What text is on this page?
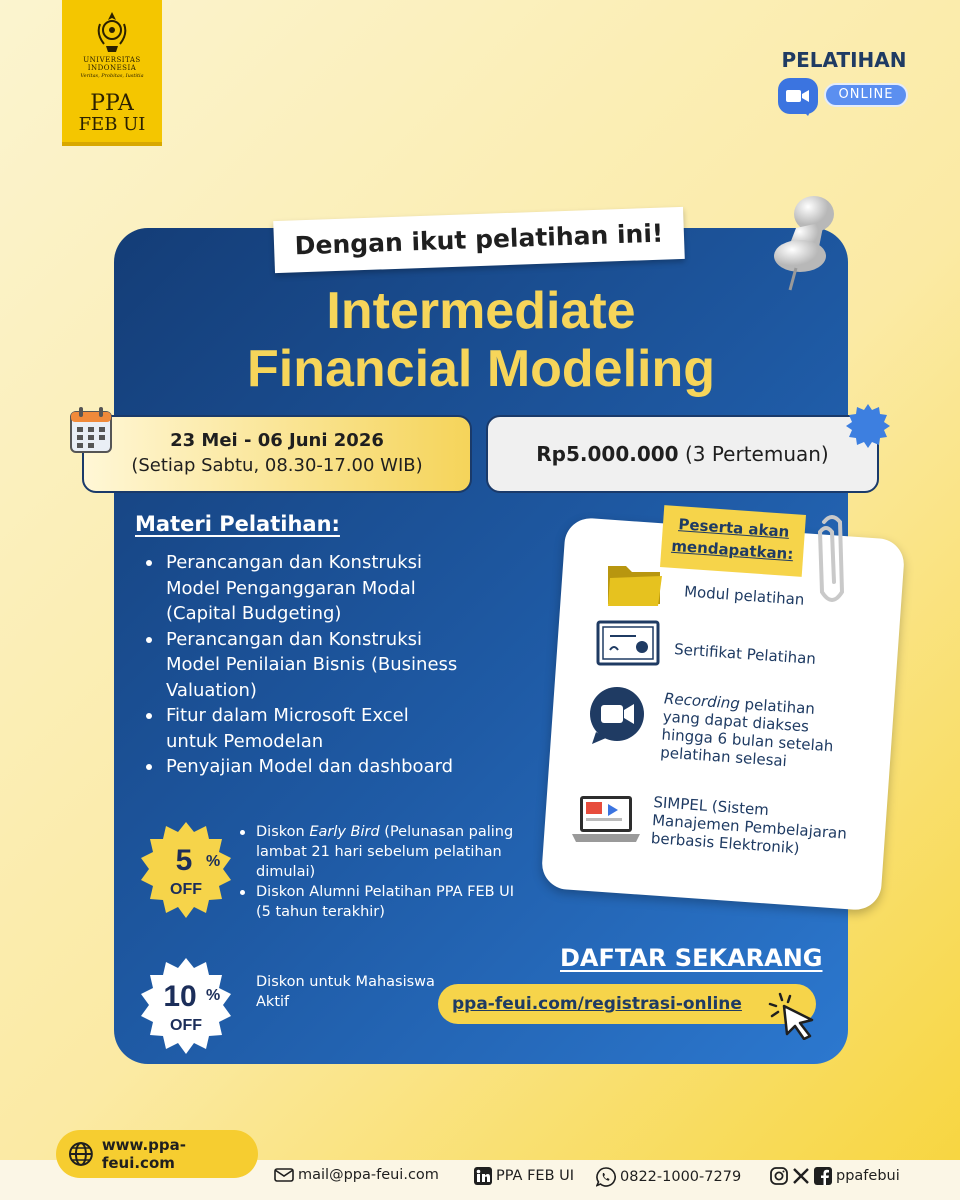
UNIVERSITAS INDONESIA
Veritas, Probitas, Iustitia
PPA
FEB UI
PELATIHAN
ONLINE
Dengan ikut pelatihan ini!
Intermediate
Financial Modeling
23 Mei - 06 Juni 2026
(Setiap Sabtu, 08.30-17.00 WIB)	Rp5.000.000 (3 Pertemuan)
Materi Pelatihan:
Perancangan dan Konstruksi Model Penganggaran Modal (Capital Budgeting)
Perancangan dan Konstruksi Model Penilaian Bisnis (Business Valuation)
Fitur dalam Microsoft Excel untuk Pemodelan
Penyajian Model dan dashboard
5 %
OFF
Diskon Early Bird (Pelunasan paling lambat 21 hari sebelum pelatihan dimulai)
Diskon Alumni Pelatihan PPA FEB UI (5 tahun terakhir)
10 %
OFF
Diskon untuk Mahasiswa Aktif
Peserta akan
mendapatkan:
Modul pelatihan
Sertifikat Pelatihan
Recording pelatihan yang dapat diakses hingga 6 bulan setelah pelatihan selesai
SIMPEL (Sistem Manajemen Pembelajaran berbasis Elektronik)
DAFTAR SEKARANG
ppa-feui.com/registrasi-online
www.ppa-feui.com
mail@ppa-feui.com	PPA FEB UI	0822-1000-7279	ppafebui
